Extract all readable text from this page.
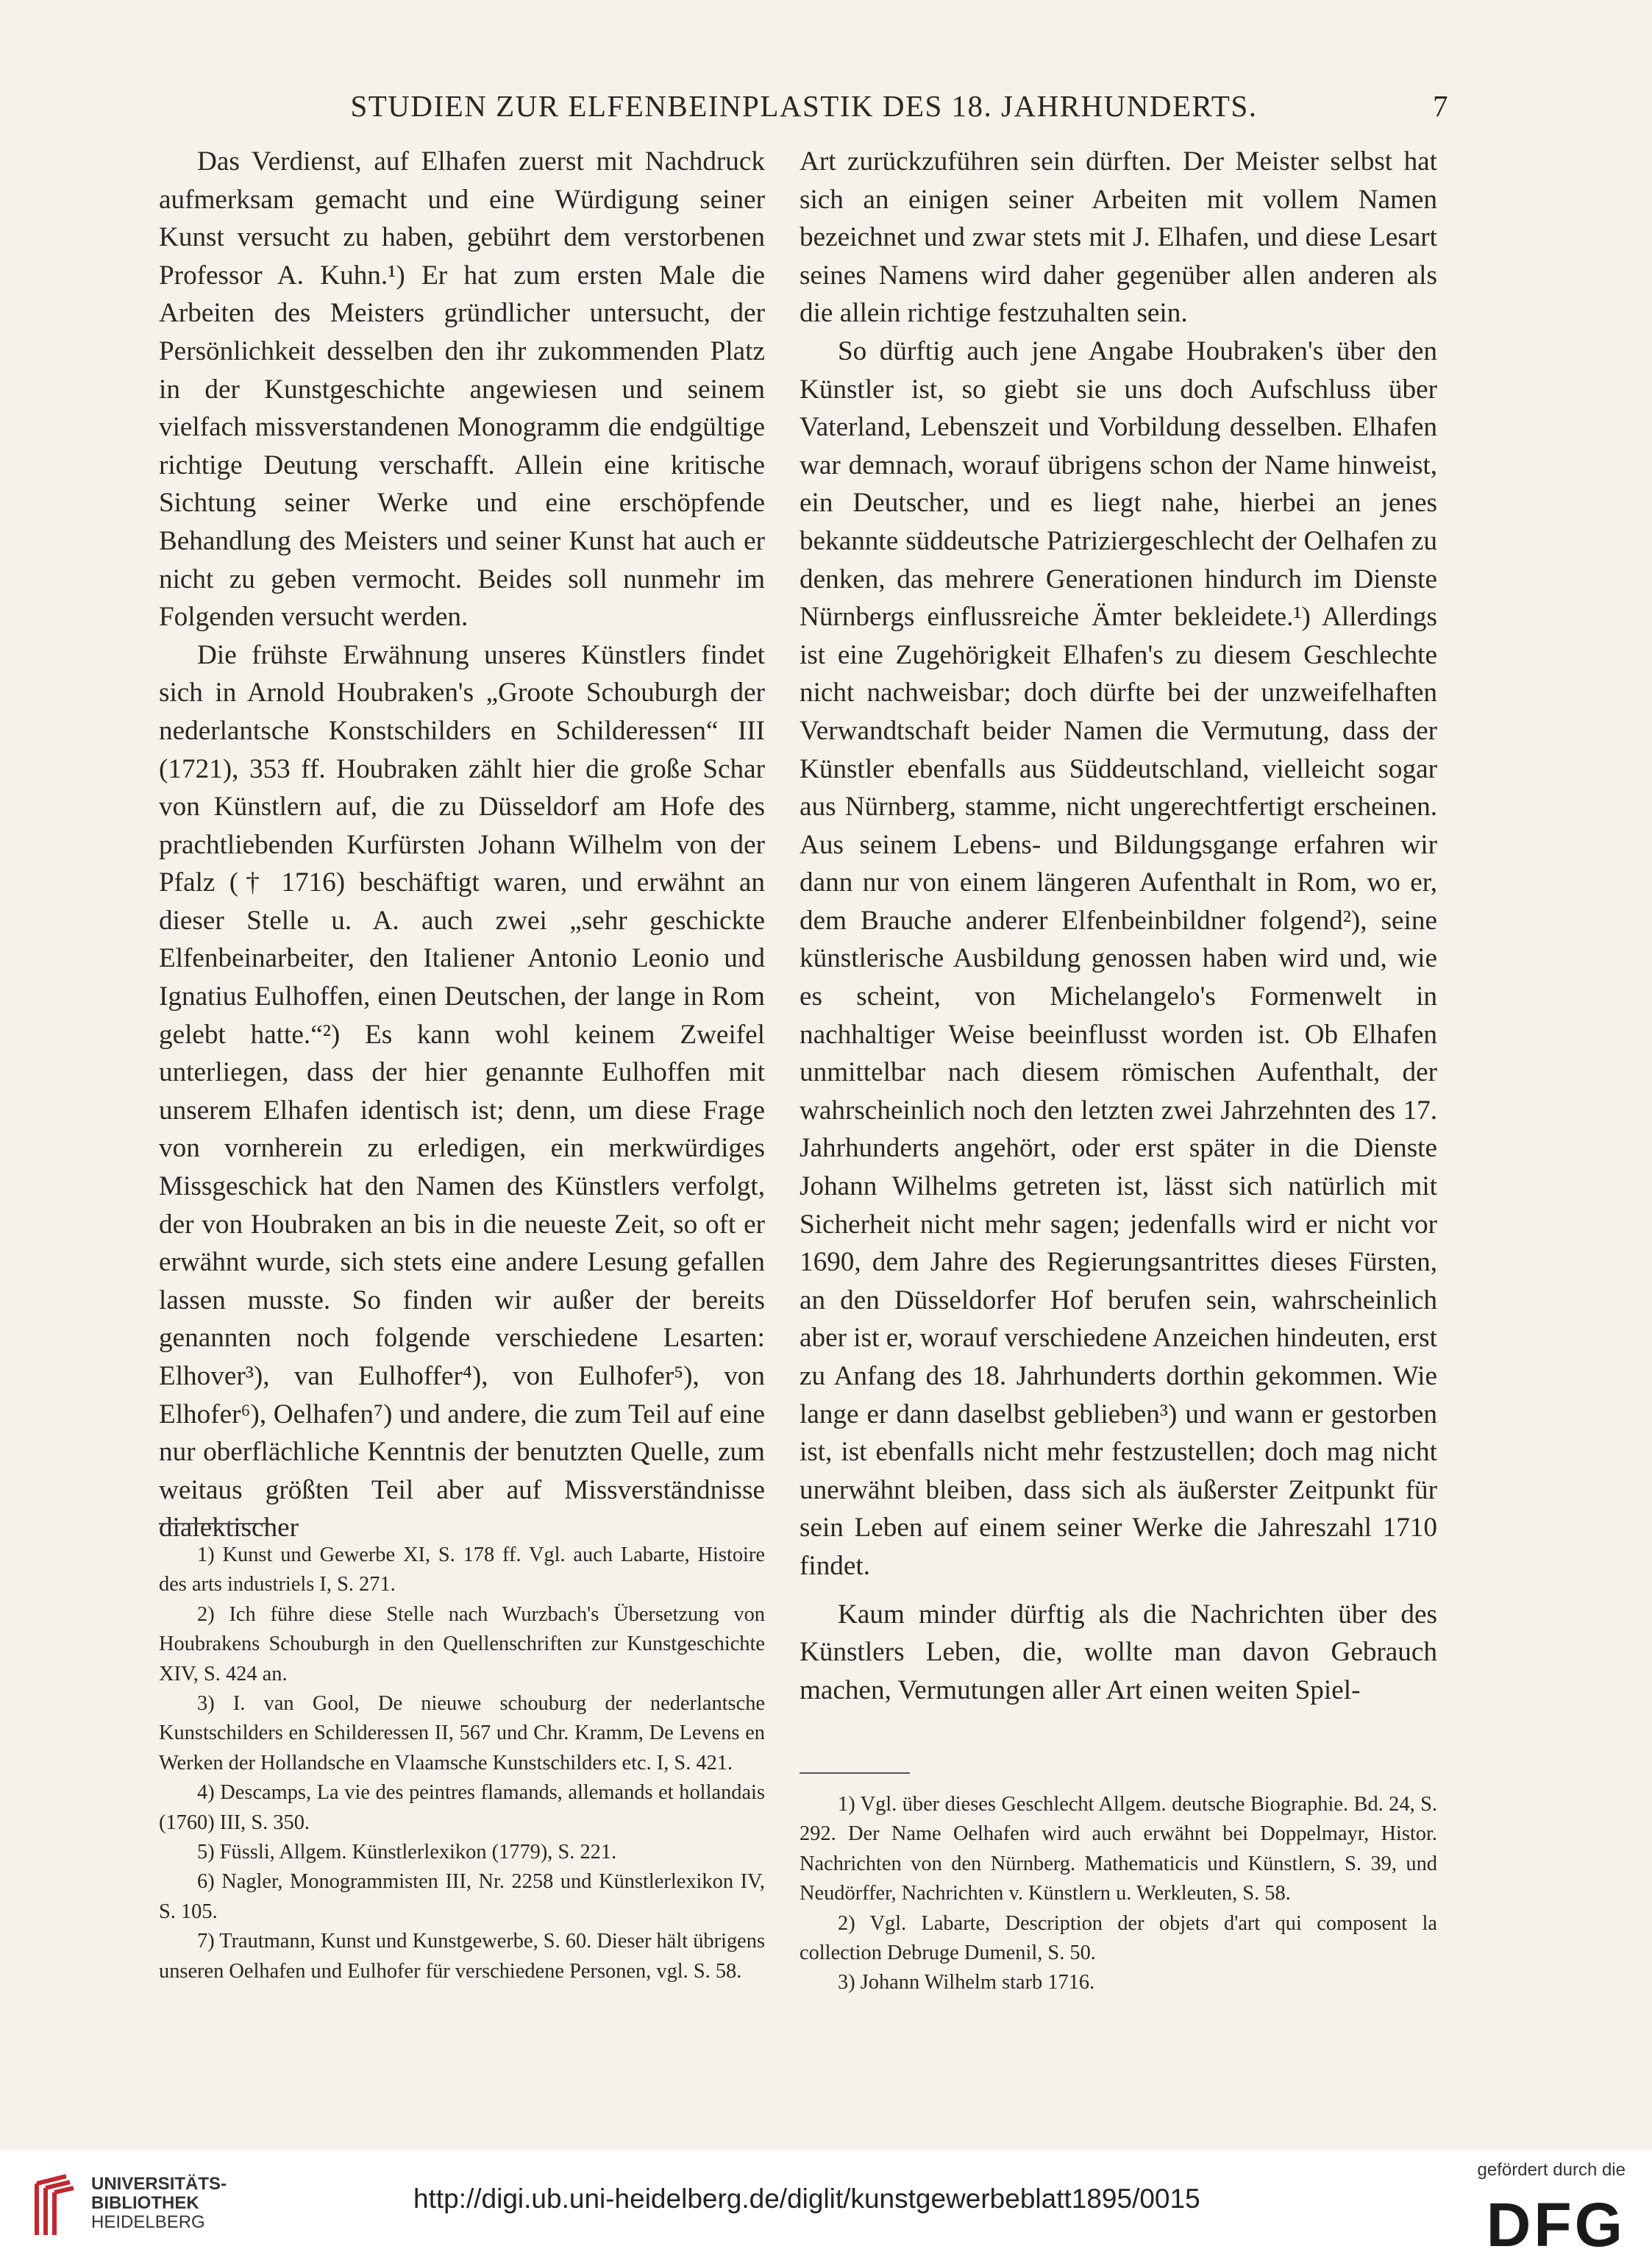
STUDIEN ZUR ELFENBEINPLASTIK DES 18. JAHRHUNDERTS.	7

Das Verdienst, auf Elhafen zuerst mit Nachdruck aufmerksam gemacht und eine Würdigung seiner Kunst versucht zu haben, gebührt dem verstorbenen Professor A. Kuhn.¹) Er hat zum ersten Male die Arbeiten des Meisters gründlicher untersucht, der Persönlichkeit desselben den ihr zukommenden Platz in der Kunstgeschichte angewiesen und seinem vielfach missverstandenen Monogramm die endgültige richtige Deutung verschafft. Allein eine kritische Sichtung seiner Werke und eine erschöpfende Behandlung des Meisters und seiner Kunst hat auch er nicht zu geben vermocht. Beides soll nunmehr im Folgenden versucht werden.

Die frühste Erwähnung unseres Künstlers findet sich in Arnold Houbraken's „Groote Schouburgh der nederlantsche Konstschilders en Schilderessen“ III (1721), 353 ff. Houbraken zählt hier die große Schar von Künstlern auf, die zu Düsseldorf am Hofe des prachtliebenden Kurfürsten Johann Wilhelm von der Pfalz († 1716) beschäftigt waren, und erwähnt an dieser Stelle u. A. auch zwei „sehr geschickte Elfenbeinarbeiter, den Italiener Antonio Leonio und Ignatius Eulhoffen, einen Deutschen, der lange in Rom gelebt hatte.“²) Es kann wohl keinem Zweifel unterliegen, dass der hier genannte Eulhoffen mit unserem Elhafen identisch ist; denn, um diese Frage von vornherein zu erledigen, ein merkwürdiges Missgeschick hat den Namen des Künstlers verfolgt, der von Houbraken an bis in die neueste Zeit, so oft er erwähnt wurde, sich stets eine andere Lesung gefallen lassen musste. So finden wir außer der bereits genannten noch folgende verschiedene Lesarten: Elhover³), van Eulhoffer⁴), von Eulhofer⁵), von Elhofer⁶), Oelhafen⁷) und andere, die zum Teil auf eine nur oberflächliche Kenntnis der benutzten Quelle, zum weitaus größten Teil aber auf Missverständnisse dialektischer

1) Kunst und Gewerbe XI, S. 178 ff. Vgl. auch Labarte, Histoire des arts industriels I, S. 271.

2) Ich führe diese Stelle nach Wurzbach's Übersetzung von Houbrakens Schouburgh in den Quellenschriften zur Kunstgeschichte XIV, S. 424 an.

3) I. van Gool, De nieuwe schouburg der nederlantsche Kunstschilders en Schilderessen II, 567 und Chr. Kramm, De Levens en Werken der Hollandsche en Vlaamsche Kunstschilders etc. I, S. 421.

4) Descamps, La vie des peintres flamands, allemands et hollandais (1760) III, S. 350.

5) Füssli, Allgem. Künstlerlexikon (1779), S. 221.

6) Nagler, Monogrammisten III, Nr. 2258 und Künstlerlexikon IV, S. 105.

7) Trautmann, Kunst und Kunstgewerbe, S. 60. Dieser hält übrigens unseren Oelhafen und Eulhofer für verschiedene Personen, vgl. S. 58.

Art zurückzuführen sein dürften. Der Meister selbst hat sich an einigen seiner Arbeiten mit vollem Namen bezeichnet und zwar stets mit J. Elhafen, und diese Lesart seines Namens wird daher gegenüber allen anderen als die allein richtige festzuhalten sein.

So dürftig auch jene Angabe Houbraken's über den Künstler ist, so giebt sie uns doch Aufschluss über Vaterland, Lebenszeit und Vorbildung desselben. Elhafen war demnach, worauf übrigens schon der Name hinweist, ein Deutscher, und es liegt nahe, hierbei an jenes bekannte süddeutsche Patriziergeschlecht der Oelhafen zu denken, das mehrere Generationen hindurch im Dienste Nürnbergs einflussreiche Ämter bekleidete.¹) Allerdings ist eine Zugehörigkeit Elhafen's zu diesem Geschlechte nicht nachweisbar; doch dürfte bei der unzweifelhaften Verwandtschaft beider Namen die Vermutung, dass der Künstler ebenfalls aus Süddeutschland, vielleicht sogar aus Nürnberg, stamme, nicht ungerechtfertigt erscheinen. Aus seinem Lebens- und Bildungsgange erfahren wir dann nur von einem längeren Aufenthalt in Rom, wo er, dem Brauche anderer Elfenbeinbildner folgend²), seine künstlerische Ausbildung genossen haben wird und, wie es scheint, von Michelangelo's Formenwelt in nachhaltiger Weise beeinflusst worden ist. Ob Elhafen unmittelbar nach diesem römischen Aufenthalt, der wahrscheinlich noch den letzten zwei Jahrzehnten des 17. Jahrhunderts angehört, oder erst später in die Dienste Johann Wilhelms getreten ist, lässt sich natürlich mit Sicherheit nicht mehr sagen; jedenfalls wird er nicht vor 1690, dem Jahre des Regierungsantrittes dieses Fürsten, an den Düsseldorfer Hof berufen sein, wahrscheinlich aber ist er, worauf verschiedene Anzeichen hindeuten, erst zu Anfang des 18. Jahrhunderts dorthin gekommen. Wie lange er dann daselbst geblieben³) und wann er gestorben ist, ist ebenfalls nicht mehr festzustellen; doch mag nicht unerwähnt bleiben, dass sich als äußerster Zeitpunkt für sein Leben auf einem seiner Werke die Jahreszahl 1710 findet.

Kaum minder dürftig als die Nachrichten über des Künstlers Leben, die, wollte man davon Gebrauch machen, Vermutungen aller Art einen weiten Spiel-

1) Vgl. über dieses Geschlecht Allgem. deutsche Biographie. Bd. 24, S. 292. Der Name Oelhafen wird auch erwähnt bei Doppelmayr, Histor. Nachrichten von den Nürnberg. Mathematicis und Künstlern, S. 39, und Neudörffer, Nachrichten v. Künstlern u. Werkleuten, S. 58.

2) Vgl. Labarte, Description der objets d'art qui composent la collection Debruge Dumenil, S. 50.

3) Johann Wilhelm starb 1716.

UNIVERSITÄTS-
BIBLIOTHEK
HEIDELBERG
http://digi.ub.uni-heidelberg.de/diglit/kunstgewerbeblatt1895/0015
gefördert durch die
DFG
